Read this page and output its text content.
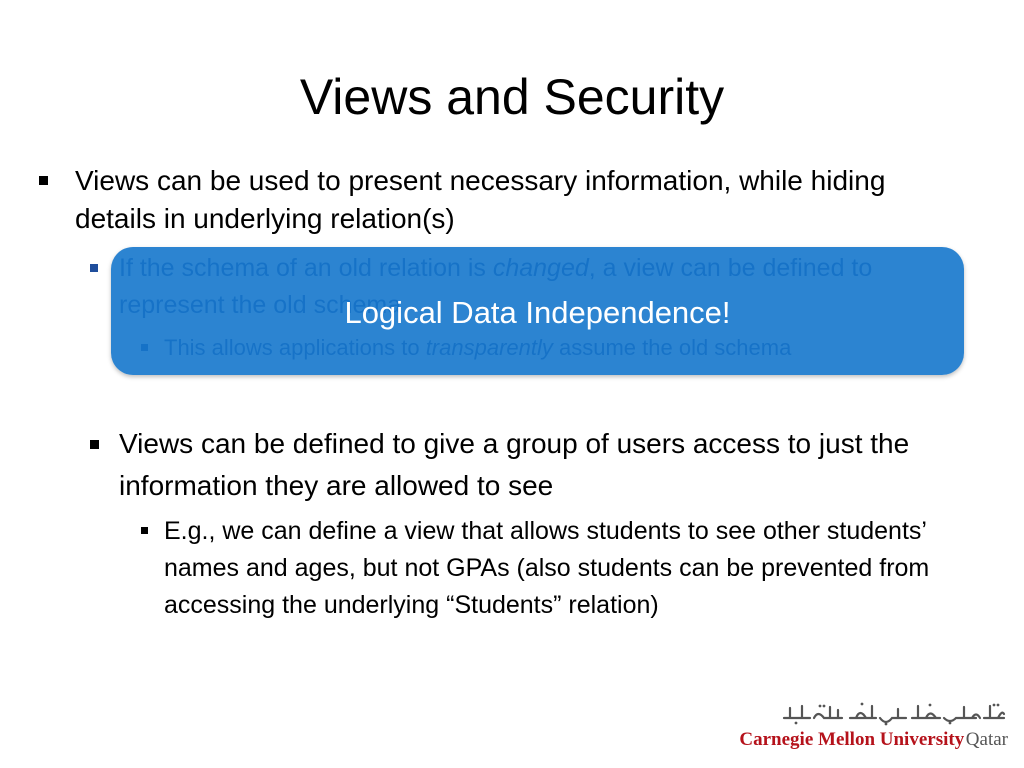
Views and Security

Views can be used to present necessary information, while hiding details in underlying relation(s)

Logical Data Independence!

Views can be defined to give a group of users access to just the information they are allowed to see

E.g., we can define a view that allows students to see other students’ names and ages, but not GPAs (also students can be prevented from accessing the underlying “Students” relation)

Carnegie Mellon University Qatar
